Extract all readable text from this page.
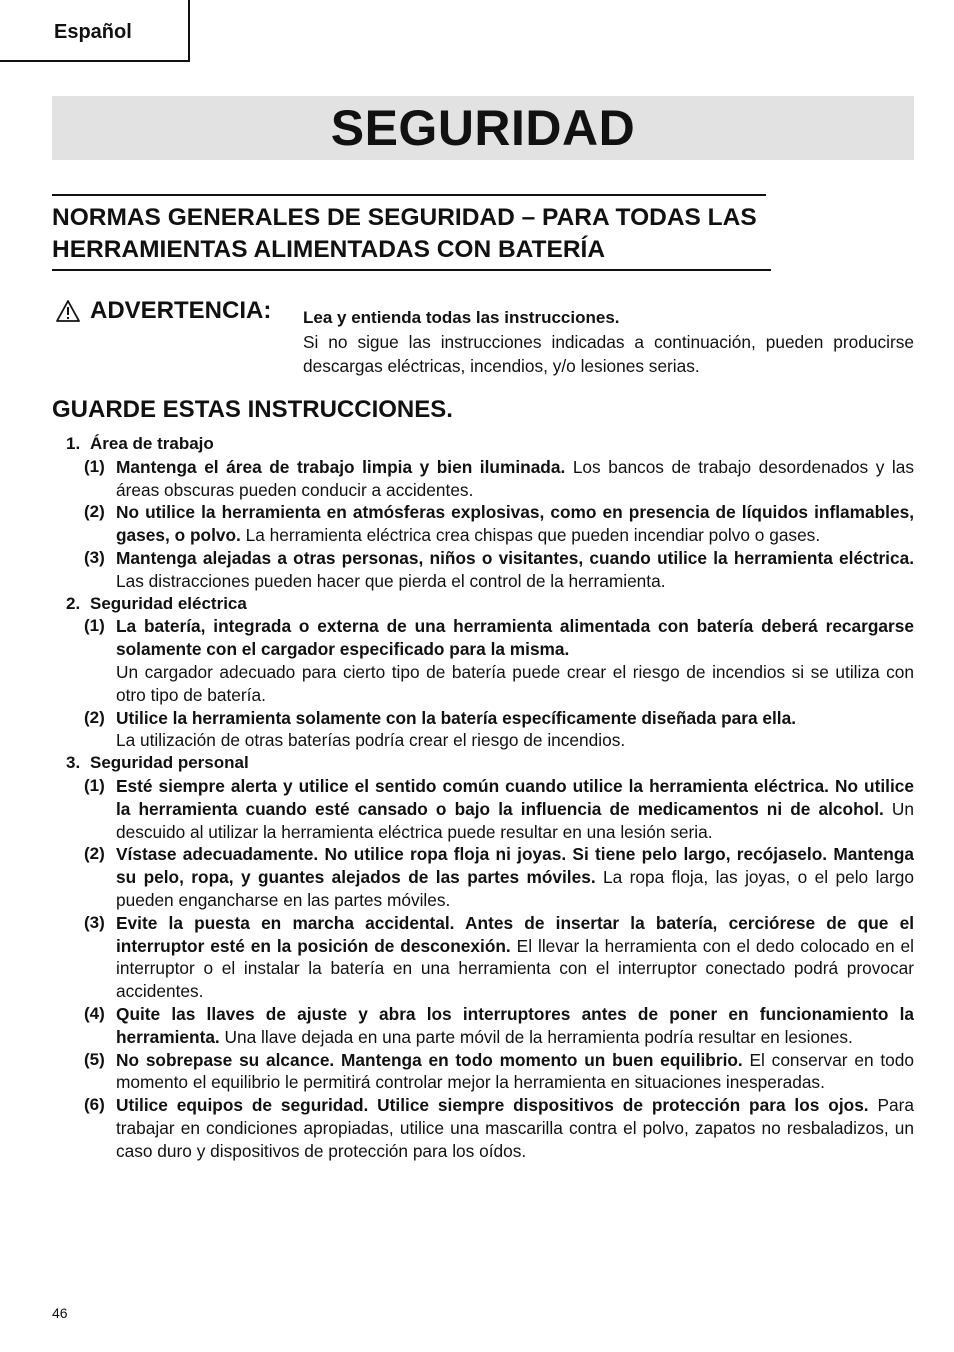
Español
SEGURIDAD
NORMAS GENERALES DE SEGURIDAD – PARA TODAS LAS HERRAMIENTAS ALIMENTADAS CON BATERÍA
ADVERTENCIA: Lea y entienda todas las instrucciones.
Si no sigue las instrucciones indicadas a continuación, pueden producirse descargas eléctricas, incendios, y/o lesiones serias.
GUARDE ESTAS INSTRUCCIONES.
1. Área de trabajo
(1) Mantenga el área de trabajo limpia y bien iluminada. Los bancos de trabajo desordenados y las áreas obscuras pueden conducir a accidentes.
(2) No utilice la herramienta en atmósferas explosivas, como en presencia de líquidos inflamables, gases, o polvo. La herramienta eléctrica crea chispas que pueden incendiar polvo o gases.
(3) Mantenga alejadas a otras personas, niños o visitantes, cuando utilice la herramienta eléctrica. Las distracciones pueden hacer que pierda el control de la herramienta.
2. Seguridad eléctrica
(1) La batería, integrada o externa de una herramienta alimentada con batería deberá recargarse solamente con el cargador especificado para la misma.
Un cargador adecuado para cierto tipo de batería puede crear el riesgo de incendios si se utiliza con otro tipo de batería.
(2) Utilice la herramienta solamente con la batería específicamente diseñada para ella.
La utilización de otras baterías podría crear el riesgo de incendios.
3. Seguridad personal
(1) Esté siempre alerta y utilice el sentido común cuando utilice la herramienta eléctrica. No utilice la herramienta cuando esté cansado o bajo la influencia de medicamentos ni de alcohol. Un descuido al utilizar la herramienta eléctrica puede resultar en una lesión seria.
(2) Vístase adecuadamente. No utilice ropa floja ni joyas. Si tiene pelo largo, recójaselo. Mantenga su pelo, ropa, y guantes alejados de las partes móviles. La ropa floja, las joyas, o el pelo largo pueden engancharse en las partes móviles.
(3) Evite la puesta en marcha accidental. Antes de insertar la batería, cerciórese de que el interruptor esté en la posición de desconexión. El llevar la herramienta con el dedo colocado en el interruptor o el instalar la batería en una herramienta con el interruptor conectado podrá provocar accidentes.
(4) Quite las llaves de ajuste y abra los interruptores antes de poner en funcionamiento la herramienta. Una llave dejada en una parte móvil de la herramienta podría resultar en lesiones.
(5) No sobrepase su alcance. Mantenga en todo momento un buen equilibrio. El conservar en todo momento el equilibrio le permitirá controlar mejor la herramienta en situaciones inesperadas.
(6) Utilice equipos de seguridad. Utilice siempre dispositivos de protección para los ojos. Para trabajar en condiciones apropiadas, utilice una mascarilla contra el polvo, zapatos no resbaladizos, un caso duro y dispositivos de protección para los oídos.
46
